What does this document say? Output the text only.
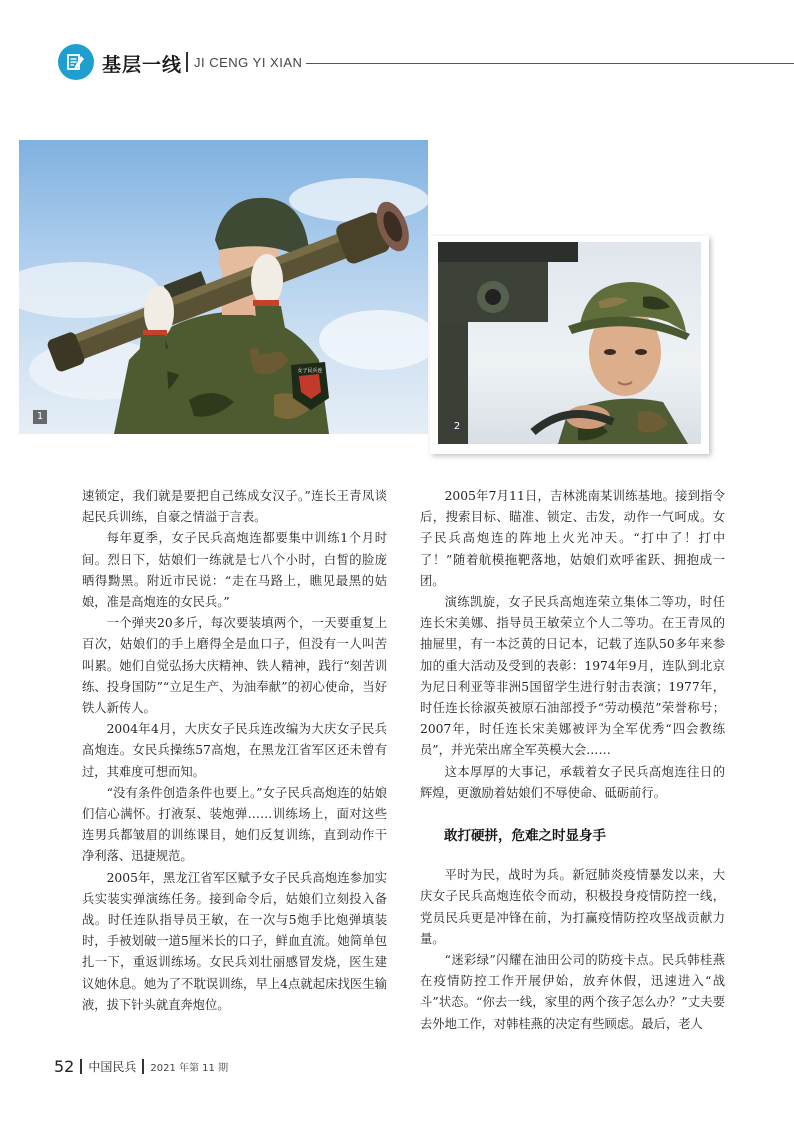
基层一线 JI CENG YI XIAN
女子民兵连
1
2

速锁定，我们就是要把自己练成女汉子。”连长王青凤谈起民兵训练，自豪之情溢于言表。

每年夏季，女子民兵高炮连都要集中训练1个月时间。烈日下，姑娘们一练就是七八个小时，白皙的脸庞晒得黝黑。附近市民说：“走在马路上，瞧见最黑的姑娘，准是高炮连的女民兵。”

一个弹夹20多斤，每次要装填两个，一天要重复上百次，姑娘们的手上磨得全是血口子，但没有一人叫苦叫累。她们自觉弘扬大庆精神、铁人精神，践行“刻苦训练、投身国防”“立足生产、为油奉献”的初心使命，当好铁人新传人。

2004年4月，大庆女子民兵连改编为大庆女子民兵高炮连。女民兵操练57高炮，在黑龙江省军区还未曾有过，其难度可想而知。

“没有条件创造条件也要上。”女子民兵高炮连的姑娘们信心满怀。打液泵、装炮弹……训练场上，面对这些连男兵都皱眉的训练课目，她们反复训练，直到动作干净利落、迅捷规范。

2005年，黑龙江省军区赋予女子民兵高炮连参加实兵实装实弹演练任务。接到命令后，姑娘们立刻投入备战。时任连队指导员王敏，在一次与5炮手比炮弹填装时，手被划破一道5厘米长的口子，鲜血直流。她简单包扎一下，重返训练场。女民兵刘壮丽感冒发烧，医生建议她休息。她为了不耽误训练，早上4点就起床找医生输液，拔下针头就直奔炮位。

2005年7月11日，吉林洮南某训练基地。接到指令后，搜索目标、瞄准、锁定、击发，动作一气呵成。女子民兵高炮连的阵地上火光冲天。“打中了！打中了！”随着航模拖靶落地，姑娘们欢呼雀跃、拥抱成一团。

演练凯旋，女子民兵高炮连荣立集体二等功，时任连长宋美娜、指导员王敏荣立个人二等功。在王青凤的抽屉里，有一本泛黄的日记本，记载了连队50多年来参加的重大活动及受到的表彰：1974年9月，连队到北京为尼日利亚等非洲5国留学生进行射击表演；1977年，时任连长徐淑英被原石油部授予“劳动模范”荣誉称号；2007年，时任连长宋美娜被评为全军优秀“四会教练员”，并光荣出席全军英模大会……

这本厚厚的大事记，承载着女子民兵高炮连往日的辉煌，更激励着姑娘们不辱使命、砥砺前行。

敢打硬拼，危难之时显身手

平时为民，战时为兵。新冠肺炎疫情暴发以来，大庆女子民兵高炮连依令而动，积极投身疫情防控一线，党员民兵更是冲锋在前，为打赢疫情防控攻坚战贡献力量。

“迷彩绿”闪耀在油田公司的防疫卡点。民兵韩桂燕在疫情防控工作开展伊始，放弃休假，迅速进入“战斗”状态。“你去一线，家里的两个孩子怎么办？”丈夫要去外地工作，对韩桂燕的决定有些顾虑。最后，老人

52 中国民兵 2021 年第 11 期
